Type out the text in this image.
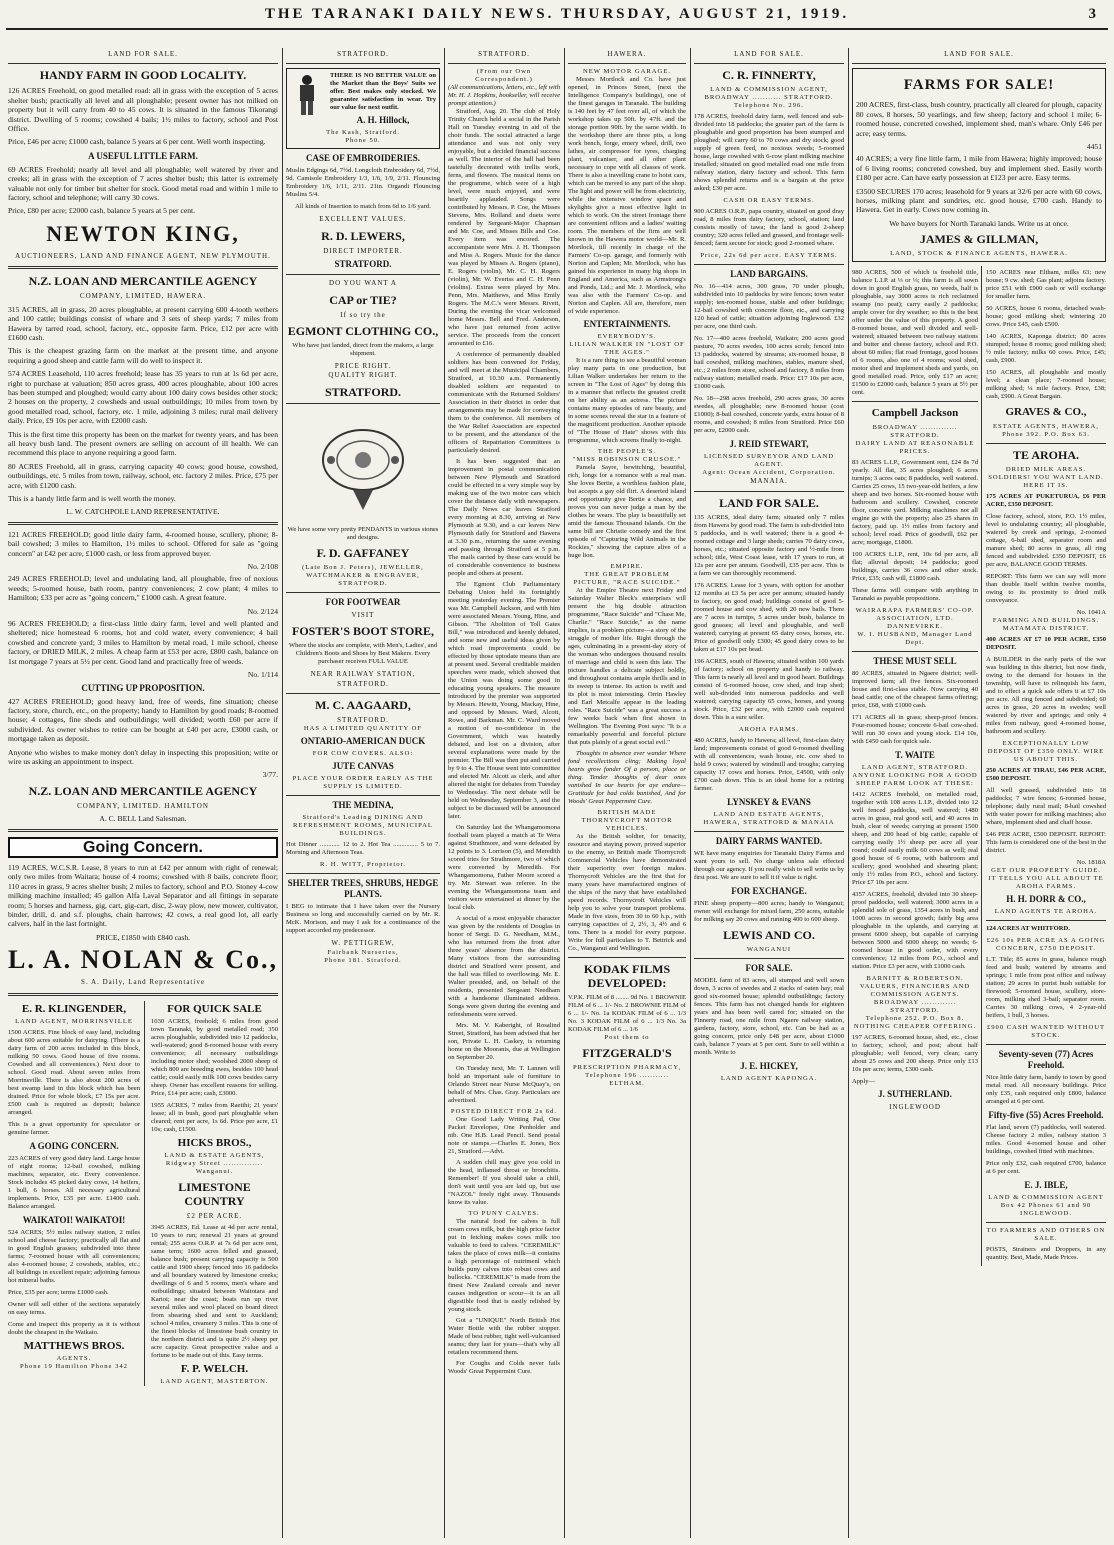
THE TARANAKI DAILY NEWS. THURSDAY, AUGUST 21, 1919.	3
LAND FOR SALE.
HANDY FARM IN GOOD LOCALITY.
126 ACRES Freehold, on good metalled road: all in grass with the exception of 5 acres shelter bush; practically all level and all ploughable; present owner has not milked on property but it will carry from 40 to 45 cows. It is situated in the famous Tikorangi district. Dwelling of 5 rooms; cowshed 4 bails; 1½ miles to factory, school and Post Office.
Price, £46 per acre; £1000 cash, balance 5 years at 6 per cent. Well worth inspecting.
A USEFUL LITTLE FARM.
69 ACRES Freehold; nearly all level and all ploughable; well watered by river and creeks; all in grass with the exception of 7 acres shelter bush; this latter is extremely valuable not only for timber but shelter for stock. Good metal road and within 1 mile to factory, school and telephone; will carry 30 cows.
Price, £80 per acre; £2000 cash, balance 5 years at 5 per cent.
NEWTON KING,
AUCTIONEERS, LAND AND FINANCE AGENT, NEW PLYMOUTH.
N.Z. LOAN AND MERCANTILE AGENCY
COMPANY, LIMITED, HAWERA.
315 ACRES, all in grass, 20 acres ploughable, at present carrying 600 4-tooth wethers and 100 cattle; buildings consist of whare and 3 sets of sheep yards; 7 miles from Hawera by tarred road, school, factory, etc., opposite farm. Price, £12 per acre with £1600 cash.
This is the cheapest grazing farm on the market at the present time, and anyone requiring a good sheep and cattle farm will do well to inspect it.
574 ACRES Leasehold, 110 acres freehold; lease has 35 years to run at 1s 6d per acre, right to purchase at valuation; 850 acres grass, 400 acres ploughable, about 100 acres has been stumped and ploughed; would carry about 100 dairy cows besides other stock; 2 houses on the property, 2 cowsheds and usual outbuildings; 10 miles from town by good metalled road, school, factory, etc. 1 mile, adjoining 3 miles; rural mail delivery daily. Price, £9 10s per acre, with £2000 cash.
This is the first time this property has been on the market for twenty years, and has been all heavy bush land. The present owners are selling on account of ill health. We can recommend this place to anyone requiring a good farm.
80 ACRES Freehold, all in grass, carrying capacity 40 cows; good house, cowshed, outbuildings, etc. 5 miles from town, railway, school, etc. factory 2 miles. Price, £75 per acre, with £1200 cash.
This is a handy little farm and is well worth the money.
L. W. CATCHPOLE LAND REPRESENTATIVE.
121 ACRES FREEHOLD; good little dairy farm, 4-roomed house, scullery, phone; 8-bail cowshed; 3 miles to Hamilton, 1½ miles to school. Offered for sale as "going concern" at £42 per acre, £1000 cash, or less from approved buyer.
No. 2/108
249 ACRES FREEHOLD; level and undulating land, all ploughable, free of noxious weeds; 5-roomed house, bath room, pantry conveniences; 2 cow plant; 4 miles to Hamilton; £33 per acre as "going concern," £1000 cash. A great feature.
No. 2/124
96 ACRES FREEHOLD; a first-class little dairy farm, level and well planted and sheltered; nice homestead 6 rooms, hot and cold water, every convenience; 4 bail cowshed and concrete yard; 3 miles to Hamilton by metal road, 1 mile school, cheese factory, or DRIED MILK, 2 miles. A cheap farm at £53 per acre, £800 cash, balance on 1st mortgage 7 years at 5½ per cent. Good land and practically free of weeds.
No. 1/114
CUTTING UP PROPOSITION.
427 ACRES FREEHOLD; good heavy land, free of weeds, fine situation; cheese factory, store, church, etc., on the property; handy to Hamilton by good roads; 8-roomed house; 4 cottages, fine sheds and outbuildings; well divided; worth £60 per acre if subdivided. As owner wishes to retire can be bought at £40 per acre, £3000 cash, or mortgage taken as deposit.
Anyone who wishes to make money don't delay in inspecting this proposition; write or wire us asking an appointment to inspect.
3/77.
N.Z. LOAN AND MERCANTILE AGENCY
COMPANY, LIMITED. HAMILTON
A. C. BELL Land Salesman.
Going Concern.
119 ACRES, W.C.S.R. Lease, 8 years to run at £42 per annum with right of renewal; only two miles from Waitara; house of 4 rooms; cowshed with 8 bails, concrete floor; 110 acres in grass, 9 acres shelter bush; 2 miles to factory, school and P.O. Stoney 4-cow milking machine installed; 45 gallon Alfa Laval Separator and all fittings in separate room; 5 horses and harness, gig, cart, gig-cart, disc, 2-way plow, new mower, cultivator, binder, drill, d. and s.f. ploughs, chain harrows; 42 cows, a real good lot, all early calvers, half in the last fortnight.
PRICE, £1850 with £840 cash.
L. A. NOLAN & Co.,
S. A. Daily, Land Representative
E. R. KLINGENDER,
LAND AGENT, MORRINSVILLE
1500 ACRES. Fine block of easy land, including about 600 acres suitable for dairying. (There is a dairy farm of 200 acres included in this block, milking 50 cows. Good house of five rooms. Cowshed and all conveniences.) Next door to school. Good road. About seven miles from Morrinsville. There is also about 200 acres of best swamp land in this block which has been drained. Price for whole block, £7 15s per acre. £500 cash is required as deposit; balance arranged.
This is a great opportunity for speculator or genuine farmer.
A GOING CONCERN.
223 ACRES of very good dairy land. Large house of eight rooms; 12-bail cowshed, milking machines, separator, etc. Every convenience. Stock includes 45 picked dairy cows, 14 heifers, 1 bull, 6 horses. All necessary agricultural implements. Price, £35 per acre. £1400 cash. Balance arranged.
WAIKATOI! WAIKATOI!
524 ACRES; 5½ miles railway station, 2 miles school and cheese factory; practically all flat and in good English grasses; subdivided into three farms; 7-roomed house with all conveniences; also 4-roomed house; 2 cowsheds, stables, etc.; all buildings in excellent repair; adjoining famous hot mineral baths.
Price, £35 per acre; terms £1000 cash.
Owner will sell either of the sections separately on easy terms.
Come and inspect this property as it is without doubt the cheapest in the Waikato.
MATTHEWS BROS.
AGENTS.
Phone 19 Hamilton Phone 342
FOR QUICK SALE
1030 ACRES, freehold; 6 miles from good town Taranaki, by good metalled road; 350 acres ploughable, subdivided into 12 paddocks, well-watered; good 8-roomed house with every convenience; all necessary outbuildings including motor shed; woolshed 2000 sheep of which 800 are breeding ewes, besides 100 head cattle; could easily milk 100 cows besides carry sheep. Owner has excellent reasons for selling. Price, £14 per acre; cash, £3000.
1955 ACRES, 7 miles from Raetihi; 21 years' lease; all in bush, good part ploughable when cleared; rent per acre, 1s 6d. Price per acre, £1 10s; cash, £1500.
HICKS BROS.,
LAND & ESTATE AGENTS,
Ridgway Street ............... Wanganui.
LIMESTONE COUNTRY
£2 PER ACRE.
3945 ACRES, Ed. Lease at 4d per acre rental, 10 years to run; renewal 21 years at ground rental; 255 acres O.R.P. at 7s 6d per acre rent, same term; 1600 acres felled and grassed, balance bush; present carrying capacity is 500 cattle and 1900 sheep; fenced into 16 paddocks and all boundary watered by limestone creeks; dwellings of 6 and 5 rooms, men's whare and outbuildings; situated between Waitotara and Karioi; near the coast; boats run up river several miles and wool placed on board direct from shearing shed and sent to Auckland; school 4 miles, creamery 3 miles. This is one of the finest blocks of limestone bush country in the northern district and is quite 2½ sheep per acre capacity. Great prospective value and a fortune to be made out of this. Easy terms.
F. P. WELCH.
LAND AGENT, MASTERTON.
STRATFORD.
THERE IS NO BETTER VALUE on the Market than the Boys' Suits we offer. Best makes only stocked. We guarantee satisfaction in wear. Try our value for next outfit.
A. H. Hillock,
The Kash, Stratford.
Phone 50.
CASE OF EMBROIDERIES.
Muslin Edgings 6d, 7½d. Longcloth Embroidery 6d, 7½d, 9d. Camisole Embroidery 1/3, 1/6, 1/9, 2/11. Flouncing Embroidery 1/6, 1/11, 2/11. 21in. Organdi Flouncing Muslins 5/4.
All kinds of Insertion to match from 6d to 1/6 yard.
EXCELLENT VALUES.
R. D. LEWERS,
DIRECT IMPORTER.
STRATFORD.
DO YOU WANT A
CAP or TIE?
If so try the
EGMONT CLOTHING CO.,
Who have just landed, direct from the makers, a large shipment.
PRICE RIGHT.
QUALITY RIGHT.
STRATFORD.
We have some very pretty PENDANTS in various stones and designs.
F. D. GAFFANEY
(Late Bon J. Peters), JEWELLER, WATCHMAKER & ENGRAVER, STRATFORD.
FOR FOOTWEAR
VISIT
FOSTER'S BOOT STORE,
Where the stocks are complete, with Men's, Ladies', and Children's Boots and Shoes by Best Makers. Every purchaser receives FULL VALUE
NEAR RAILWAY STATION, STRATFORD.
M. C. AAGAARD,
STRATFORD.
HAS A LIMITED QUANTITY OF
ONTARIO-AMERICAN DUCK
FOR COW COVERS. ALSO:
JUTE CANVAS
PLACE YOUR ORDER EARLY AS THE SUPPLY IS LIMITED.
THE MEDINA,
Stratford's Leading DINING AND REFRESHMENT ROOMS, MUNICIPAL BUILDINGS.
Hot Dinner ............ 12 to 2. Hot Tea ............... 5 to 7. Morning and Afternoon Teas.
R. H. WITT, Proprietor.
SHELTER TREES, SHRUBS, HEDGE PLANTS.
I BEG to intimate that I have taken over the Nursery Business so long and successfully carried on by Mr. R. McK. Morison, and may I ask for a continuance of the support accorded my predecessor.
W. PETTIGREW,
Fairbank Nurseries,
Phone 181. Stratford.
STRATFORD.
(From our Own Correspondent.)
(All communications, letters, etc., left with Mr. H. J. Hopkins, bookseller, will receive prompt attention.)

Stratford, Aug. 20. The club of Holy Trinity Church held a social in the Parish Hall on Tuesday evening in aid of the choir funds. The social attracted a large attendance and was not only very enjoyable, but a decided financial success as well. The interior of the hall had been tastefully decorated with trellis work, ferns, and flowers. The musical items on the programme, which were of a high level, were much enjoyed, and were heartily applauded. Songs were contributed by Messrs. P. Coe, the Misses Stevens, Mrs. Rolland and duets were rendered by Sergeant-Major Chapman and Mr. Coe, and Misses Bills and Coe. Every item was encored. The accompaniste were Mrs. J. H. Thompson and Miss A. Rogers. Music for the dance was played by Misses A. Rogers (piano), E. Rogers (violin), Mr. C. H. Rogers (violin), Mr. W. Everiss and C. H. Penn (violins). Extras were played by Mrs. Penn, Mrs. Matthews, and Miss Emily Rogers. The M.C.'s were Messrs. Rivett, During the evening the vicar welcomed home Messrs. Bell and Fred. Anderson, who have just returned from active service. The proceeds from the concert amounted to £16.

A conference of permanently disabled soldiers has been convened for Friday, and will meet at the Municipal Chambers, Stratford, at 10.30 a.m. Permanently disabled soldiers are requested to communicate with the Returned Soldiers' Association in their district in order that arrangements may be made for conveying them to the conference. All members of the War Relief Association are expected to be present, and the attendance of the officers of Repatriation Committees is particularly desired.

It has been suggested that an improvement in postal communication between New Plymouth and Stratford could be effected in a very simple way by making use of the two motor cars which cover the distance daily with newspapers. The Daily News car leaves Stratford every morning at 8.30, arriving at New Plymouth at 9.30, and a car leaves New Plymouth daily for Stratford and Hawera at 3.30 p.m., returning the same evening and passing through Stratford at 5 p.m. The mails carried by these cars would be of considerable convenience to business people and others at present.

The Egmont Club Parliamentary Debating Union held its fortnightly meeting yesterday evening. The Premier was Mr. Campbell Jackson, and with him were associated Messrs. Young, Hine, and Gibson. "The Abolition of Toll Gates Bill," was introduced and keenly debated, and some new and useful ideas given by which road improvements could be effected by those uptodate means than are at present used. Several creditable maiden speeches were made, which showed that the Union was doing some good in educating young speakers. The measure introduced by the premier was supported by Messrs. Hewitt, Young, Mackay, Hine, and opposed by Messrs. Ward, Alcott, Rowe, and Barkman. Mr. C. Ward moved a motion of no-confidence in the Government, which was heatedly debated, and lost on a division, after several explanations were made by the premier. The Bill was then put and carried by 9 to 4. The House went into committee and elected Mr. Alcott as clerk, and after altered the night for debates from Tuesday to Wednesday. The next debate will be held on Wednesday, September 3, and the subject to be discussed will be announced later.

On Saturday last the Whangamomona football team played a match at Te Wera against Strathmore, and were defeated by 12 points to 3. Lorrison (5), and Meredith scored tries for Strathmore, two of which were converted by Meredith. For Whangamomona, Father Moore scored a try. Mr. Stewart was referee. In the evening the Whangamomona team and visitors were entertained at dinner by the local club.

A social of a most enjoyable character was given by the residents of Douglas in honor of Sergt. D. G. Needham, M.M., who has returned from the front after three years' absence from the district. Many visitors from the surrounding district and Stratford were present, and the hall was filled to overflowing. Mr. E. Walter presided, and, on behalf of the residents, presented Sergeant Needham with a handsome illuminated address. Songs were given during the evening and refreshments were served.

Mrs. M. V. Kaberight, of Rosalind Street, Stratford, has been advised that her son, Private L. H. Caskey, is returning home on the Mooranis, due at Wellington on September 20.

On Tuesday next, Mr. T. Lannen will hold an important sale of furniture in Orlando Street near Nurse McQuay's, on behalf of Mrs. Chas. Gray. Particulars are advertised.

POSTED DIRECT FOR 2s 6d.

One Good Lady Writing Pad, One Packet Envelopes, One Penholder and nib. One H.B. Lead Pencil. Send postal note or stamps.—Charles E. Jones, Box 21, Stratford.—Advt.

A sudden chill may give you cold in the head, inflamed throat or bronchitis. Remember! If you should take a chill, don't wait until you are laid up, but use "NAZOL" freely right away. Thousands know its value.

TO PUNY CALVES.

The natural food for calves is full cream cows milk, but the high price factor put in fetching makes cows milk too valuable to feed to calves. "CEREMILK" takes the place of cows milk—it contains a high percentage of nutrimenl which builds puny calves into robust cows and bullocks. "CEREMILK" is made from the finest New Zealand cereals and never causes indigestion or scour—it is an all digestible food that is easily relished by young stock.

Got a "UNIQUE" North British Hot Water Bottle with the rubber stopper. Made of best rubber, tight well-vulcanised seams; they last for years—that's why all retailers recommend them.

For Coughs and Colds never fails Woods' Great Peppermint Cure.

HAWERA.
NEW MOTOR GARAGE.

Messrs Mortlock and Co. have just opened, in Princes Street, (next the Intelligence Company's buildings), one of the finest garages in Taranaki. The building is 140 feet by 47 feet over all, of which the workshop takes up 50ft. by 47ft. and the storage portion 90ft. by the same width. In the workshop there are three pits, a long work bench, forge, emery wheel, drill, two lathes, air compressor for tyres, charging plant, vulcaniser, and all other plant necessary to cope with all classes of work. There is also a travelling crane to hoist cars, which can be moved to any part of the shop. The light and power will be from electricity, while the extensive window space and skylights give a most effective light in which to work. On the street frontage there are convenient offices and a ladies' waiting room. The members of the firm are well known in the Hawera motor world—Mr. R. Mortlock, till recently in charge of the Farmers' Co-op. garage, and formerly with Norton and Caplen; Mr. Mortlock, who has gained his experience in many big shops in England and America, such as Armstrong's and Ponds, Ltd.; and Mr. J. Mortlock, who was also with the Farmers' Co-op. and Norton and Caplen. All are, therefore, men of wide experience.

ENTERTAINMENTS.
EVERYBODY'S.
LILIAN WALKER IN "LOST OF THE AGES."

It is a rare thing to see a beautiful woman play many parts in one production, but Lilian Walker undertakes her return to the screen in "The Lost of Ages" by doing this in a manner that reflects the greatest credit on her ability as an actress. The picture contains many episodes of rare beauty, and in some scenes reveal the star in a feature of the magnificent production. Another episode of "The House of Hate" shows with this programme, which screens finally to-night.

THE PEOPLE'S.
"MISS ROBINSON CRUSOE."

Pamela Sayre, bewitching, beautiful, rich, longs for a romance with a real man. She loves Bertie, a worthless fashion plate, but accepts a gay old flirt. A deserted island and opportunity give Bertie a chance, and proves you can never judge a man by the clothes he wears. The play is beautifully set amid the famous Thousand Islands. On the same bill are Christie comedy and the first episode of "Capturing Wild Animals in the Rockies," showing the capture alive of a huge lion.

EMPIRE.
THE GREAT PROBLEM PICTURE, "RACE SUICIDE."

At the Empire Theatre next Friday and Saturday Walter Bleck's enterprises will present the big double attraction programme, "Race Suicide" and "Chase Me, Charlie." "Race Suicide," as the name implies, is a problem picture—a story of the struggle of mother life. Right through the ages, culminating in a present-day story of the woman who undergoes thousand results of marriage and child is seen this late. The picture handles a delicate subject boldly, and throughout contains ample thrills and in its sweep is intense. Its action is swift and its plot is most interesting. Orrin Hawley and Earl Metcalfe appear in the leading roles. "Race Suicide" was a great success a few weeks back when first shown in Wellington. The Evening Post says: "It is a remarkably powerful and forceful picture that puts plainly of a great social evil."

Thoughts in absence ever wander Where fond recollections cling; Making loyal hearts grow fonder Of a person, place or thing. Tender thoughts of dear ones vanished In our hearts for aye endure— Gratitude for bad colds banished, And for Woods' Great Peppermint Cure.

BRITISH MADE THORNYCROFT MOTOR VEHICLES.

As the British soldier, for tenacity, resource and staying power, proved superior to the enemy, so British made Thornycroft Commercial Vehicles have demonstrated their superiority over foreign makes. Thornycroft Vehicles are the first that for many years have manufactured engines of the ships of the navy that have established speed records. Thornycroft Vehicles will help you to solve your transport problems. Made in five sizes, from 30 to 60 h.p., with carrying capacities of 2, 2½, 3, 4½ and 6 tons. There is a model for every purpose. Write for full particulars to T. Bettrick and Co., Wanganui and Wellington.

KODAK FILMS DEVELOPED:
V.P.K. FILM of 8 ........ 9d No. 1 BROWNIE FILM of 6 ... 1/- No. 2 BROWNIE FILM of 6 ... 1/- No. 1a KODAK FILM of 6 ... 1/3 No. 3 KODAK FILM of 6 ... 1/3 No. 3a KODAK FILM of 6 ... 1/6
Post them to
FITZGERALD'S
PRESCRIPTION PHARMACY,
Telephone 196 ........... ELTHAM.
LAND FOR SALE.
C. R. FINNERTY,
LAND & COMMISSION AGENT,
BROADWAY ........... STRATFORD.
Telephone No. 296.
178 ACRES, freehold dairy farm, well fenced and sub-divided into 18 paddocks; the greater part of the farm is ploughable and good proportion has been stumped and ploughed; will carry 60 to 70 cows and dry stock; good supply of green feed, no noxious weeds; 5-roomed house, large cowshed with 6-cow plant milking machine installed; situated on good metalled road one mile from railway station, dairy factory and school. This farm shows splendid returns and is a bargain at the price asked; £30 per acre.
CASH OR EASY TERMS.
900 ACRES O.R.P., papa country, situated on good dray road, 8 miles from dairy factory, school, station; land consists mostly of tawa; the land is good 2-sheep country; 320 acres felled and grassed, and frontage well-fenced; farm secure for stock; good 2-roomed whare.
Price, 22s 6d per acre. EASY TERMS.
LAND BARGAINS.
No. 16—414 acres, 300 grass, 70 under plough, subdivided into 10 paddocks by wire fences; town water supply; ten-roomed house, stable and other buildings; 12-bail cowshed with concrete floor, etc., and carrying 120 head of cattle; situation adjoining Inglewood. £32 per acre, one third cash.
No. 17—400 acres freehold, Waikato; 200 acres good pasture, 70 acres swedes, 100 acres scrub; fenced into 13 paddocks, watered by streams; six-roomed house, 8 bail cowshed, milking machines, stables, manure shed, etc.; 2 miles from store, school and factory, 8 miles from railway station; metalled roads. Price: £17 10s per acre, £1000 cash.
No. 18—298 acres freehold, 290 acres grass, 30 acres swedes, all ploughable; new 8-roomed house (cost £1000); 8-bail cowshed, concrete yards, extra house of 8 rooms, and cowshed; 8 miles from Stratford. Price £60 per acre, £2000 cash.
J. REID STEWART,
LICENSED SURVEYOR AND LAND AGENT.
Agent: Ocean Accident, Corporation.
MANAIA.
LAND FOR SALE.
135 ACRES, ideal dairy farm; situated only 7 miles from Hawera by good road. The farm is sub-divided into 5 paddocks, and is well watered; there is a good 4-roomed cottage and 3 large sheds; carries 70 dairy cows, horses, etc.; situated opposite factory and ½-mile from school; title, West Coast lease, with 17 years to run, at 12s per acre per annum. Goodwill, £35 per acre. This is a farm we can thoroughly recommend.
176 ACRES. Lease for 3 years, with option for another 12 months at £3 5s per acre per annum; situated handy to factory, on good road; buildings consist of good 5-roomed house and cow shed, with 20 new bails. There are 7 acres in turnips, 5 acres under bush, balance in good grasses; all level and ploughable, and well watered; carrying at present 65 dairy cows, horses, etc. Price of goodwill only £300; 45 good dairy cows to be taken at £17 10s per head.
196 ACRES, south of Hawera; situated within 100 yards of factory; school on property and handy to railway. This farm is nearly all level and in good heart. Buildings consist of 6-roomed house, cow shed, and trap shed; well sub-divided into numerous paddocks and well watered; carrying capacity 65 cows, horses, and young stock. Price, £32 per acre, with £2000 cash required down. This is a sure seller.
AROHA FARMS.
480 ACRES, handy to Hawera; all level, first-class dairy land; improvements consist of good 6-roomed dwelling with all conveniences, wash house, etc. cow shed to hold 9 cows; watered by windmill and troughs; carrying capacity 17 cows and horses. Price, £4500, with only £700 cash down. This is an ideal home for a retiring farmer.
LYNSKEY & EVANS
LAND AND ESTATE AGENTS, HAWERA, STRATFORD & MANAIA
DAIRY FARMS WANTED.
WE have many enquiries for Taranaki Dairy Farms and want yours to sell. No charge unless sale effected through our agency. If you really wish to sell write us by first post. We are sure to sell it if value is right.
FOR EXCHANGE.
FINE sheep property—800 acres; handy to Wanganui; owner will exchange for mixed farm, 250 acres, suitable for milking say 20 cows and running 400 to 600 sheep.
LEWIS AND CO.
WANGANUI
FOR SALE.
MODEL farm of 83 acres, all stumped and well sown down, 3 acres of swedes and 2 stacks of oaten hay; real good six-roomed house; splendid outbuildings; factory fences. This farm has not changed hands for eighteen years and has been well cared for; situated on the Finnerty road, one mile from Ngaere railway station, gardens, factory, store, school, etc. Can be had as a going concern, price only £48 per acre, about £1000 cash, balance 7 years at 5 per cent. Sure to sell within a month. Write to
J. E. HICKEY,
LAND AGENT KAPONGA.
LAND FOR SALE.
FARMS FOR SALE!
200 ACRES, first-class, bush country, practically all cleared for plough, capacity 80 cows, 8 horses, 50 yearlings, and few sheep; factory and school 1 mile; 6-roomed house, concreted cowshed, implement shed, man's whare. Only £46 per acre; easy terms.
4451
40 ACRES; a very fine little farm, 1 mile from Hawera; highly improved; house of 6 living rooms; concreted cowshed, buy and implement shed. Easily worth £180 per acre. Can have early possession at £123 per acre. Easy terms.
£3500 SECURES 170 acres; leasehold for 9 years at 32/6 per acre with 60 cows, horses, milking plant and sundries, etc. good house, £700 cash. Handy to Hawera. Get in early. Cows now coming in.
We have buyers for North Taranaki lands. Write us at once.
JAMES & GILLMAN,
LAND, STOCK & FINANCE AGENTS, HAWERA.
980 ACRES, 500 of which is freehold title, balance L.I.P. at ⅓ or ⅓; this farm is all sown down in good English grass, no weeds, half is ploughable, say 3000 acres is rich reclaimed swamp (no peat); carry easily 2 paddocks; ample cover for dry weather; so this is the best offer under the value of this property. A good 8-roomed house, and well divided and well-watered; situated between two railway stations and butter and cheese factory, school and P.O. about 60 miles; flat road frontage, good houses of 6 rooms, also one of 4 rooms; wool shed, motor shed and implement sheds and yards, on good metalled road. Price, only £17 an acre; £1500 to £2000 cash, balance 5 years at 5½ per cent.
Campbell Jackson
BROADWAY .............. STRATFORD.
DAIRY LAND AT REASONABLE PRICES.
83 ACRES L.I.P., Government rent, £24 8s 7d yearly. All flat, 35 acres ploughed; 6 acres turnips; 3 acres oats; 8 paddocks, well watered. Carries 25 cows, 15 two-year-old heifers, a few sheep and two horses. Six-roomed house with bathroom and scullery. Cowshed, concrete floor, concrete yard. Milking machines not all engine go with the property; also 25 shares in factory, paid up. 1½ miles from factory and school; level road. Price of goodwill, £62 per acre; mortgage, £1800.
100 ACRES L.I.P., rent, 10s 6d per acre, all flat; alluvial deposit; 14 paddocks; good buildings, carries 36 cows and other stock. Price, £35; cash will, £1800 cash.
These farms will compare with anything in Taranaki as payable propositions.
WAIRARAPA FARMERS' CO-OP. ASSOCIATION, LTD. DANNEVIRKE.
W. I. HUSBAND, Manager Land Dept.
THESE MUST SELL
80 ACRES, situated in Ngaere district; well-improved farm; all five fences. Six-roomed house and first-class stable. Now carrying 40 head cattle; one of the cheapest farms offering; price, £68, with £1000 cash.
171 ACRES all in grass; sheep-proof fences. Four-roomed house; concrete 6-bail cow-shed. Will run 30 cows and young stock. £14 10s, with £450 cash for quick sale.
T. WAITE
LAND AGENT, STRATFORD.
ANYONE LOOKING FOR A GOOD SHEEP FARM LOOK AT THESE:
1412 ACRES freehold, on metalled road, together with 108 acres L.I.P., divided into 12 well fenced paddocks, well watered; 1480 acres in grass, real good soil, and 40 acres in bush, clear of weeds; carrying at present 1500 sheep, and 200 head of big cattle; capable of carrying easily 1½ sheep per acre all year round; could easily milk 60 cows as well; real good house of 6 rooms, with bathroom and scullery; good woolshed and shearing plant; only 1½ miles from P.O., school and factory. Price £7 10s per acre.
4357 ACRES, freehold, divided into 30 sheep-proof paddocks, well watered; 3000 acres in a splendid sole of grass, 1354 acres in bush, and 1000 acres in second growth; fairly big area ploughable in the uplands, and carrying at present 6000 sheep, but capable of carrying between 5000 and 6000 sheep; no weeds; 6-roomed house in good order, with every convenience; 12 miles from P.O., school and station. Price £3 per acre, with £1000 cash.
BARNITT & ROBERTSON.
VALUERS, FINANCIERS AND COMMISSION AGENTS.
BROADWAY ............. STRATFORD.
Telephone 252. P.O. Box 8.
NOTHING CHEAPER OFFERING.
197 ACRES, 6-roomed house, shed, etc., close to factory, school, and post; about half ploughable; well fenced, very clean; carry about 25 cows and 200 sheep. Price only £13 10s per acre; terms, £300 cash.
Apply—
J. SUTHERLAND.
INGLEWOOD
150 ACRES near Eltham, milks 63; new house; 9 cw. shed; Gas plant; adjoins factory. price £51 with £900 cash or will exchange for smaller farm.
50 ACRES, house 6 rooms, detached wash-house; good milking shed; wintering 20 cows. Price £45, cash £500.
140 ACRES, Kaponga district; 80 acres stumped; house 8 rooms; good milking shed; ½ mile factory; milks 60 cows. Price, £45; cash, £900.
150 ACRES, all ploughable and mostly level; a clean place; 7-roomed house; milking shed; ¼ mile factory. Price, £38; cash, £900. A Great Bargain.
GRAVES & CO.,
ESTATE AGENTS, HAWERA,
Phone 392. P.O. Box 63.
TE AROHA.
DRIED MILK AREAS.
SOLDIERS! YOU WANT LAND. HERE IT IS.
175 ACRES AT PUKETURUA, £6 PER ACRE, £350 DEPOSIT.
Close factory, school, store, P.O. 1½ miles, level to undulating country; all ploughable, watered by creek and springs, 2-roomed cottage, 6-bail shed, separator room and manure shed; 80 acres in grass, all ring fenced and subdivided. £350 DEPOSIT, £6 per acre, BALANCE GOOD TERMS.
REPORT: This farm we can say will more than double itself within twelve months, owing to its proximity to dried milk conveyance.
No. 1041A
FARMING AND BUILDINGS. MATAMATA DISTRICT.
400 ACRES AT £7 10 PER ACRE, £350 DEPOSIT.
A BUILDER in the early parts of the war was building in this district, but now finds, owing to the demand for houses in the township, will have to relinquish his farm, and to effect a quick sale offers it at £7 10s per acre. All ring fenced and subdivided; 60 acres in grass, 20 acres in swedes; well watered by river and springs; and only 4 miles from railway, good 4-roomed house, bathroom and scullery.
EXCEPTIONALLY LOW DEPOSIT OF £350 ONLY. WIRE US ABOUT THIS.
250 ACRES AT TIRAU, £46 PER ACRE, £500 DEPOSIT.
All well grassed, subdivided into 18 paddocks; 7 wire fences; 6-roomed house, telephone; daily rural mail; 8-bail cowshed with water power for milking machines; also whare, implement shed and chaff house.
£46 PER ACRE, £500 DEPOSIT. REPORT: This farm is considered one of the best in the district.
No. 1818A
GET OUR PROPERTY GUIDE. IT TELLS YOU ALL ABOUT TE AROHA FARMS.
H. H. DORR & CO.,
LAND AGENTS TE AROHA.
124 ACRES AT WHITFORD.
£26 10s PER ACRE AS A GOING CONCERN, £750 DEPOSIT.
L.T. Title; 85 acres in grass, balance rough feed and bush; watered by streams and springs; 1 mile from post office and railway station; 29 acres in purist bush suitable for firewood; 5-roomed house, scullery, store-room, milking shed 3-bail; separator room. Carries 30 milking cows, 4 2-year-old heifers, 1 bull, 3 horses.
£900 CASH WANTED WITHOUT STOCK.
Seventy-seven (77) Acres Freehold.
Nice little dairy farm, handy to town by good metal road. All necessary buildings. Price only £35, cash required only £800, balance arranged at 6 per cent.
Fifty-five (55) Acres Freehold.
Flat land, seven (7) paddocks, well watered. Cheese factory 2 miles, railway station 3 miles. Good 4-roomed house and other buildings, cowshed fitted with machines.
Price only £32, cash required £700, balance at 6 per cent.
E. J. IBLE,
LAND & COMMISSION AGENT
Box 42 Phones 61 and 90 INGLEWOOD.
TO FARMERS AND OTHERS ON SALE.
POSTS, Strainers and Droppers, in any quantity. Best, Made, Made Prices.
